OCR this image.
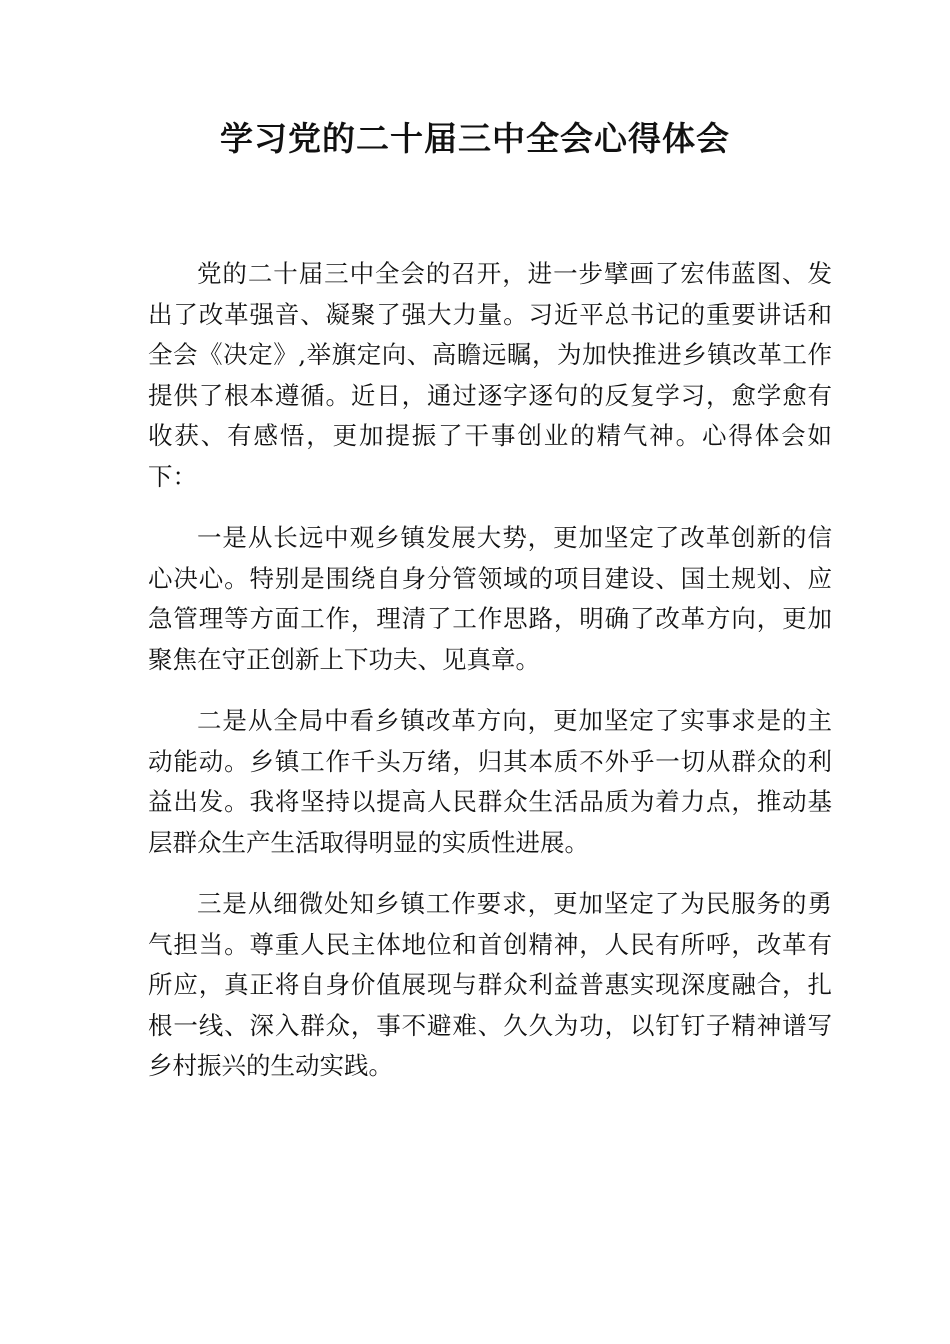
学习党的二十届三中全会心得体会

党的二十届三中全会的召开，进一步擘画了宏伟蓝图、发出了改革强音、凝聚了强大力量。习近平总书记的重要讲话和全会《决定》,举旗定向、高瞻远瞩，为加快推进乡镇改革工作提供了根本遵循。近日，通过逐字逐句的反复学习，愈学愈有收获、有感悟，更加提振了干事创业的精气神。心得体会如下：

一是从长远中观乡镇发展大势，更加坚定了改革创新的信心决心。特别是围绕自身分管领域的项目建设、国土规划、应急管理等方面工作，理清了工作思路，明确了改革方向，更加聚焦在守正创新上下功夫、见真章。

二是从全局中看乡镇改革方向，更加坚定了实事求是的主动能动。乡镇工作千头万绪，归其本质不外乎一切从群众的利益出发。我将坚持以提高人民群众生活品质为着力点，推动基层群众生产生活取得明显的实质性进展。

三是从细微处知乡镇工作要求，更加坚定了为民服务的勇气担当。尊重人民主体地位和首创精神，人民有所呼，改革有所应，真正将自身价值展现与群众利益普惠实现深度融合，扎根一线、深入群众，事不避难、久久为功，以钉钉子精神谱写乡村振兴的生动实践。
